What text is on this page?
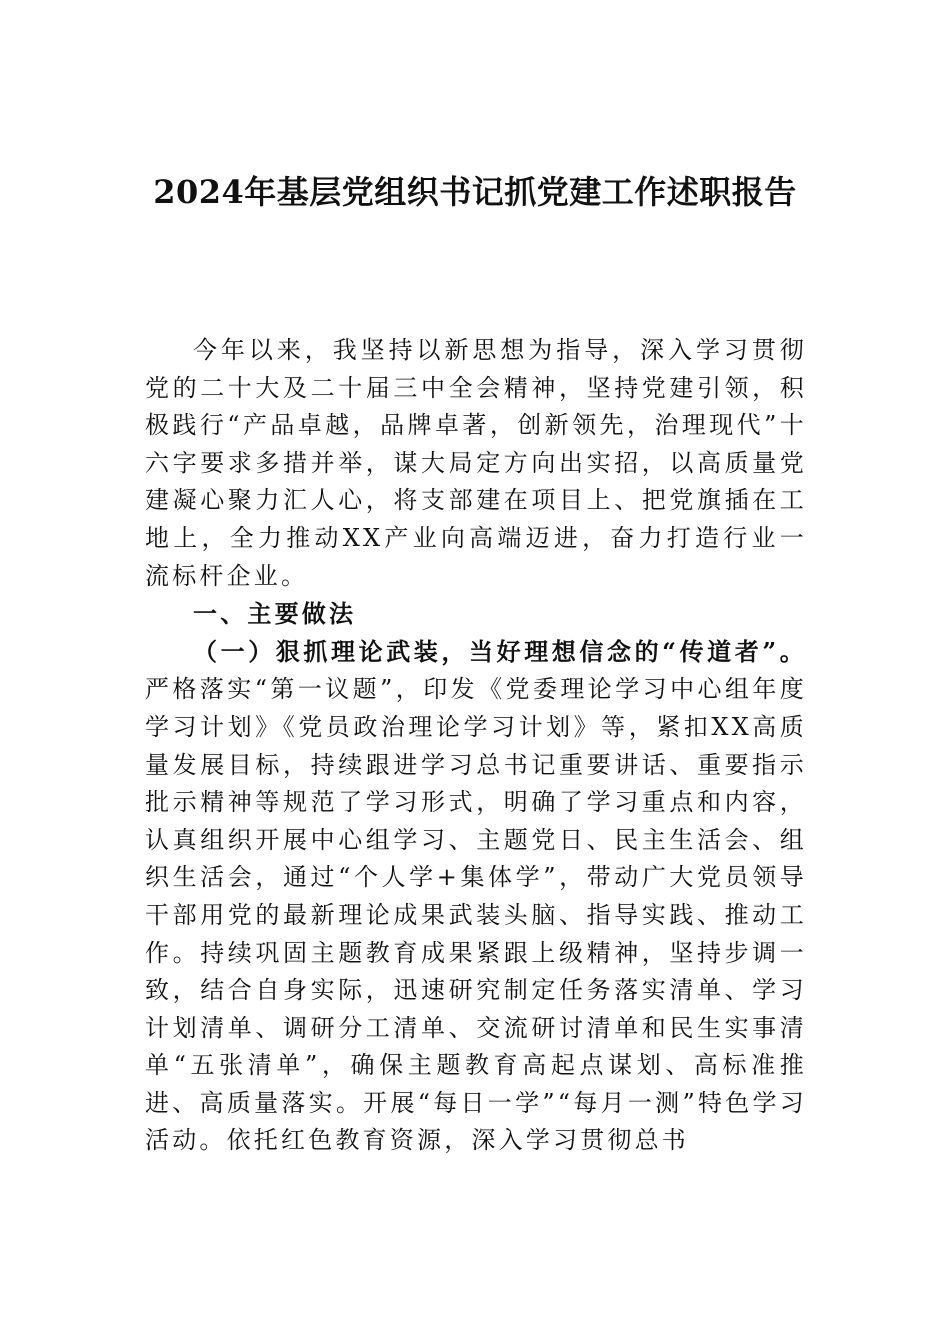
2024年基层党组织书记抓党建工作述职报告

今年以来，我坚持以新思想为指导，深入学习贯彻党的二十大及二十届三中全会精神，坚持党建引领，积极践行“产品卓越，品牌卓著，创新领先，治理现代”十六字要求多措并举，谋大局定方向出实招，以高质量党建凝心聚力汇人心，将支部建在项目上、把党旗插在工地上，全力推动XX产业向高端迈进，奋力打造行业一流标杆企业。

一、主要做法

（一）狠抓理论武装，当好理想信念的“传道者”。严格落实“第一议题”，印发《党委理论学习中心组年度学习计划》《党员政治理论学习计划》等，紧扣XX高质量发展目标，持续跟进学习总书记重要讲话、重要指示批示精神等规范了学习形式，明确了学习重点和内容，认真组织开展中心组学习、主题党日、民主生活会、组织生活会，通过“个人学+集体学”，带动广大党员领导干部用党的最新理论成果武装头脑、指导实践、推动工作。持续巩固主题教育成果紧跟上级精神，坚持步调一致，结合自身实际，迅速研究制定任务落实清单、学习计划清单、调研分工清单、交流研讨清单和民生实事清单“五张清单”，确保主题教育高起点谋划、高标准推进、高质量落实。开展“每日一学”“每月一测”特色学习活动。依托红色教育资源，深入学习贯彻总书
